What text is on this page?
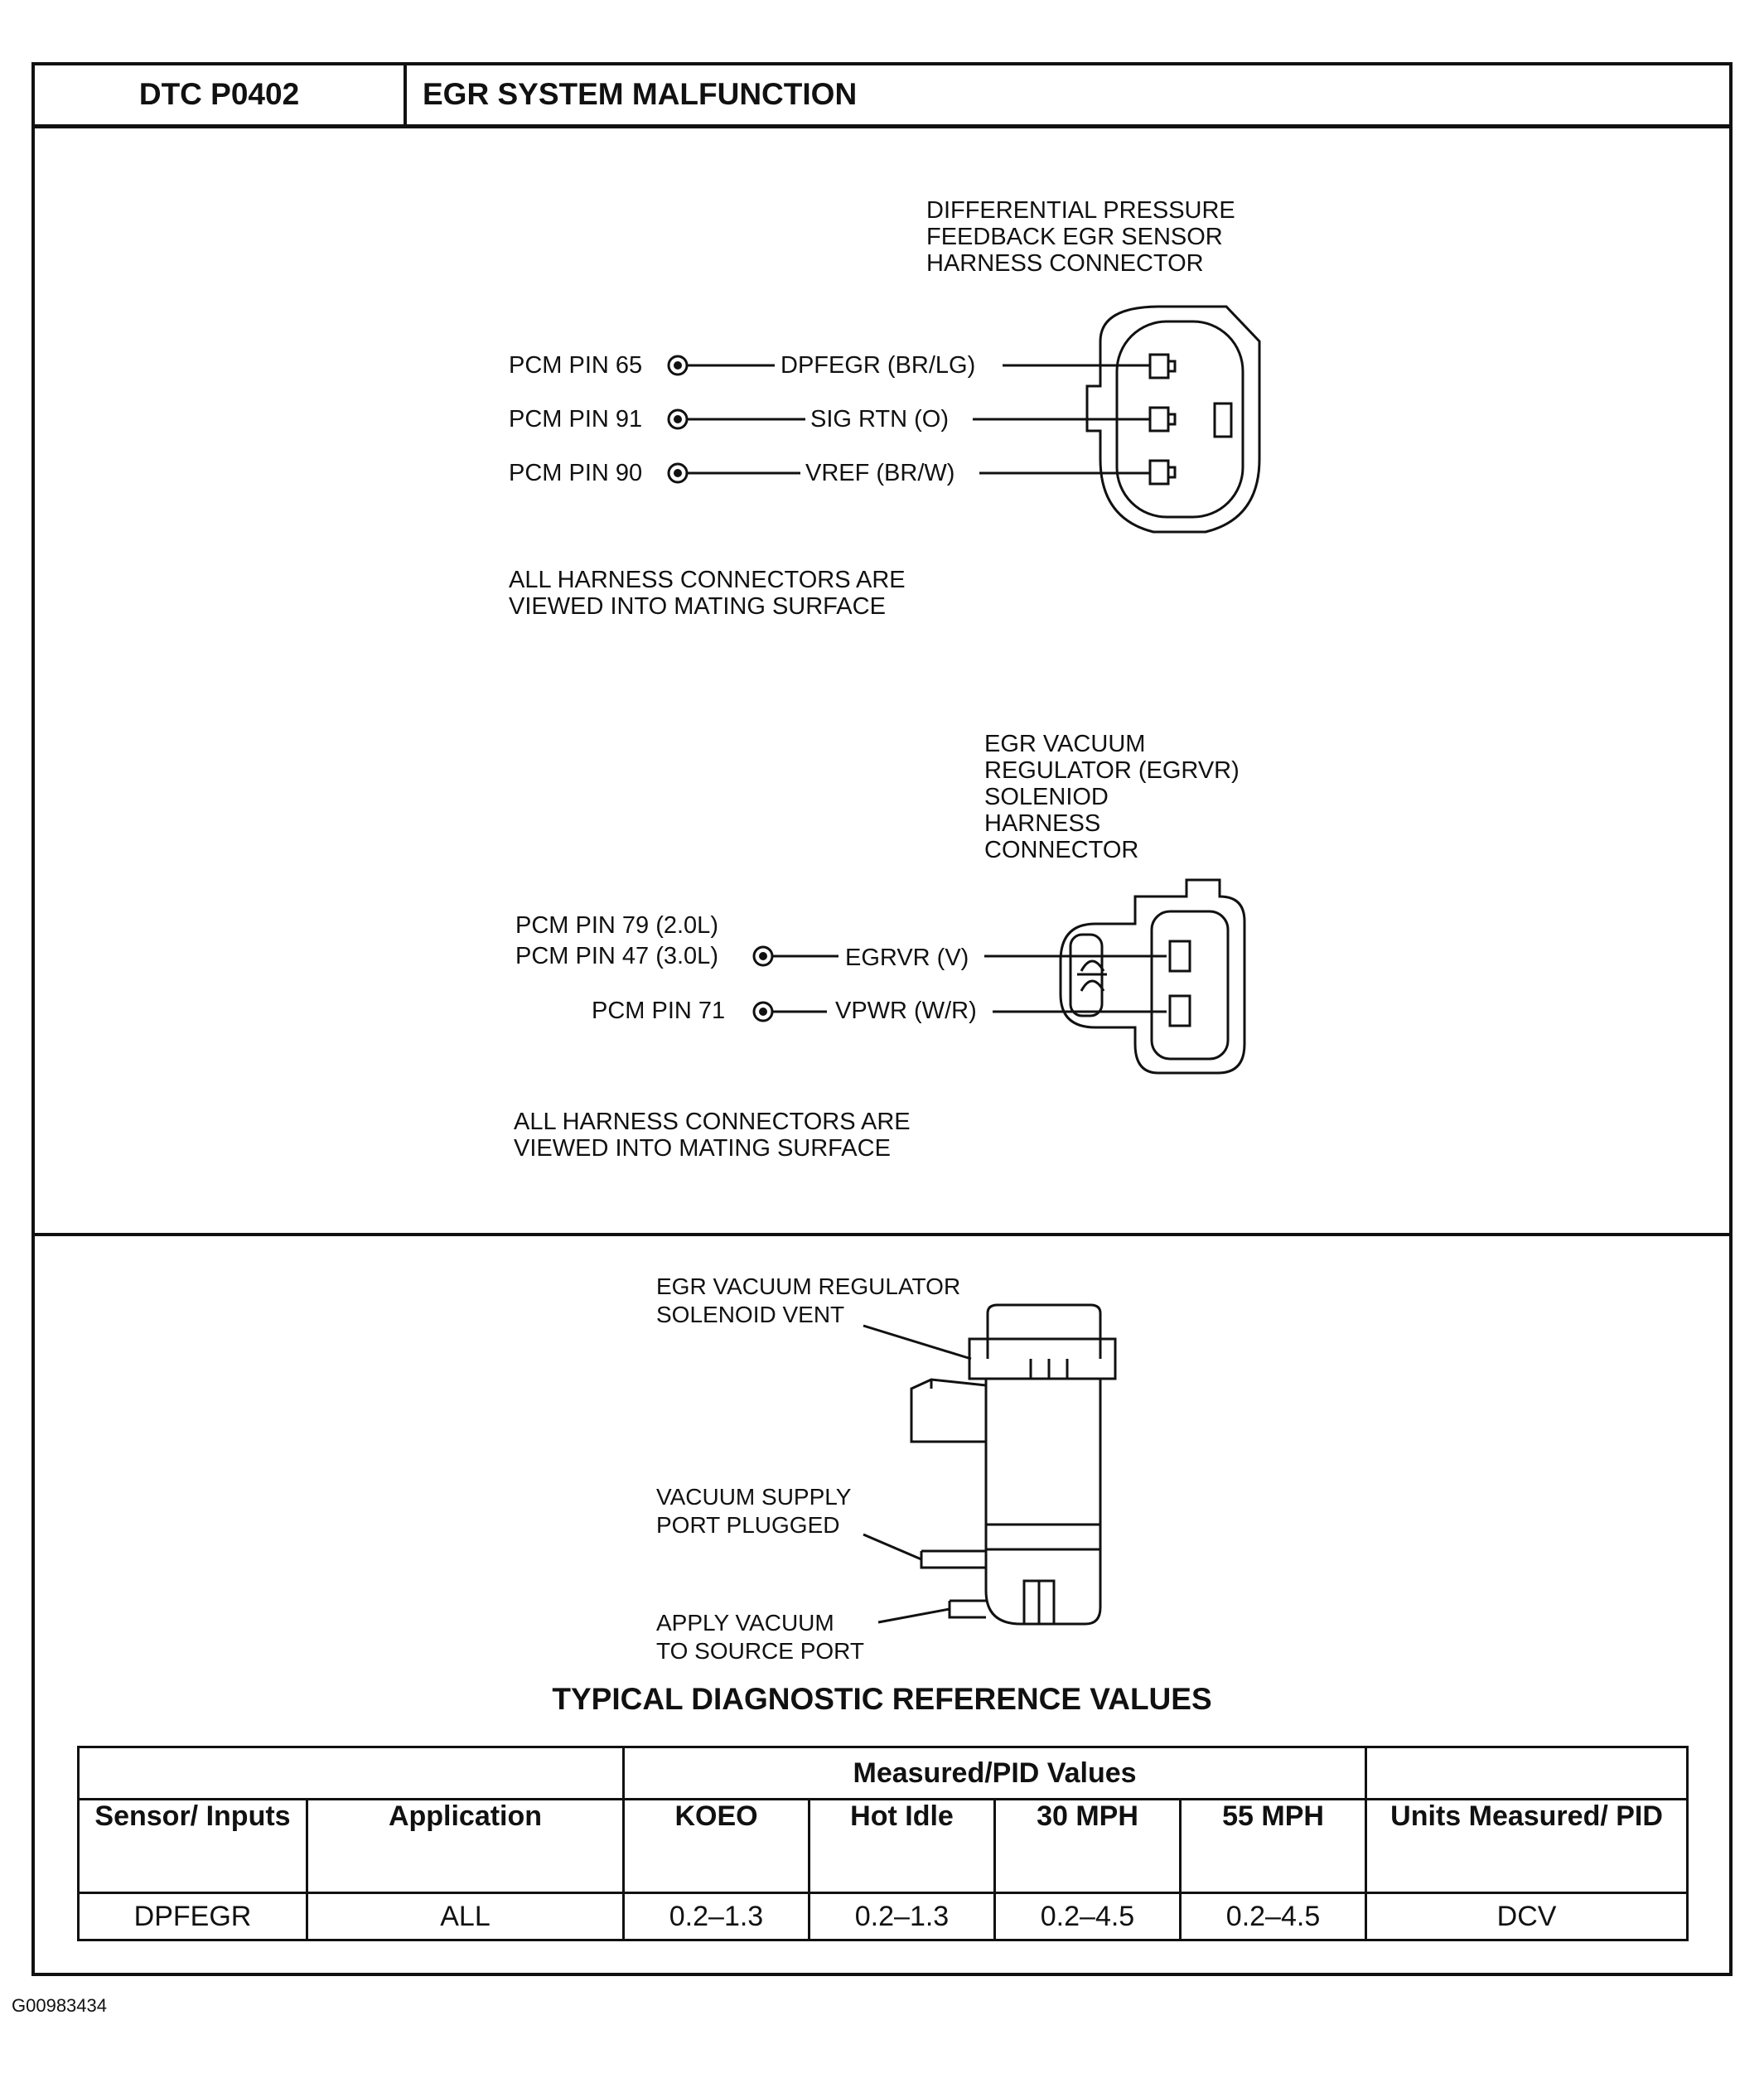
DTC P0402	EGR SYSTEM MALFUNCTION
DIFFERENTIAL PRESSURE
FEEDBACK EGR SENSOR
HARNESS CONNECTOR
PCM PIN 65
PCM PIN 91
PCM PIN 90
DPFEGR (BR/LG)
SIG RTN (O)
VREF (BR/W)
ALL HARNESS CONNECTORS ARE
VIEWED INTO MATING SURFACE
EGR VACUUM
REGULATOR (EGRVR)
SOLENIOD
HARNESS
CONNECTOR
PCM PIN 79 (2.0L)
PCM PIN 47 (3.0L)
PCM PIN 71
EGRVR (V)
VPWR (W/R)
ALL HARNESS CONNECTORS ARE
VIEWED INTO MATING SURFACE
EGR VACUUM REGULATOR
SOLENOID VENT
VACUUM SUPPLY
PORT PLUGGED
APPLY VACUUM
TO SOURCE PORT
TYPICAL DIAGNOSTIC REFERENCE VALUES
		Measured/PID Values				
Sensor/ Inputs	Application	KOEO	Hot Idle	30 MPH	55 MPH	Units Measured/ PID
DPFEGR	ALL	0.2–1.3	0.2–1.3	0.2–4.5	0.2–4.5	DCV
G00983434
